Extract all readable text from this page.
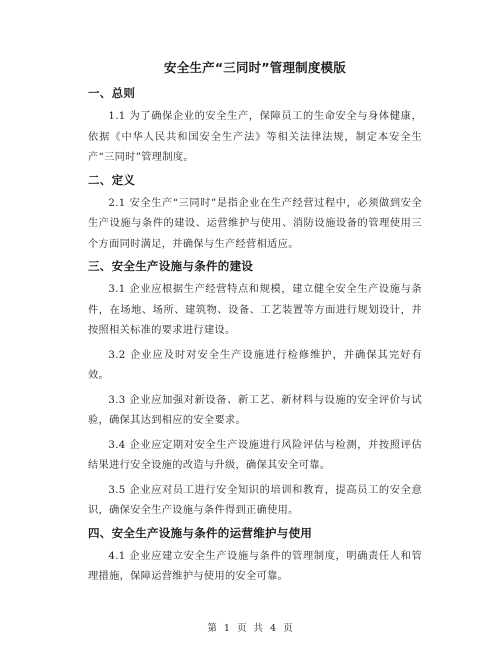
安全生产“三同时”管理制度模版
一、总则

1.1 为了确保企业的安全生产，保障员工的生命安全与身体健康，依据《中华人民共和国安全生产法》等相关法律法规，制定本安全生产“三同时”管理制度。

二、定义

2.1 安全生产“三同时”是指企业在生产经营过程中，必须做到安全生产设施与条件的建设、运营维护与使用、消防设施设备的管理使用三个方面同时满足，并确保与生产经营相适应。

三、安全生产设施与条件的建设

3.1 企业应根据生产经营特点和规模，建立健全安全生产设施与条件，在场地、场所、建筑物、设备、工艺装置等方面进行规划设计，并按照相关标准的要求进行建设。

3.2 企业应及时对安全生产设施进行检修维护，并确保其完好有效。

3.3 企业应加强对新设备、新工艺、新材料与设施的安全评价与试验，确保其达到相应的安全要求。

3.4 企业应定期对安全生产设施进行风险评估与检测，并按照评估结果进行安全设施的改造与升级，确保其安全可靠。

3.5 企业应对员工进行安全知识的培训和教育，提高员工的安全意识，确保安全生产设施与条件得到正确使用。

四、安全生产设施与条件的运营维护与使用

4.1 企业应建立安全生产设施与条件的管理制度，明确责任人和管理措施，保障运营维护与使用的安全可靠。

第 1 页 共 4 页
